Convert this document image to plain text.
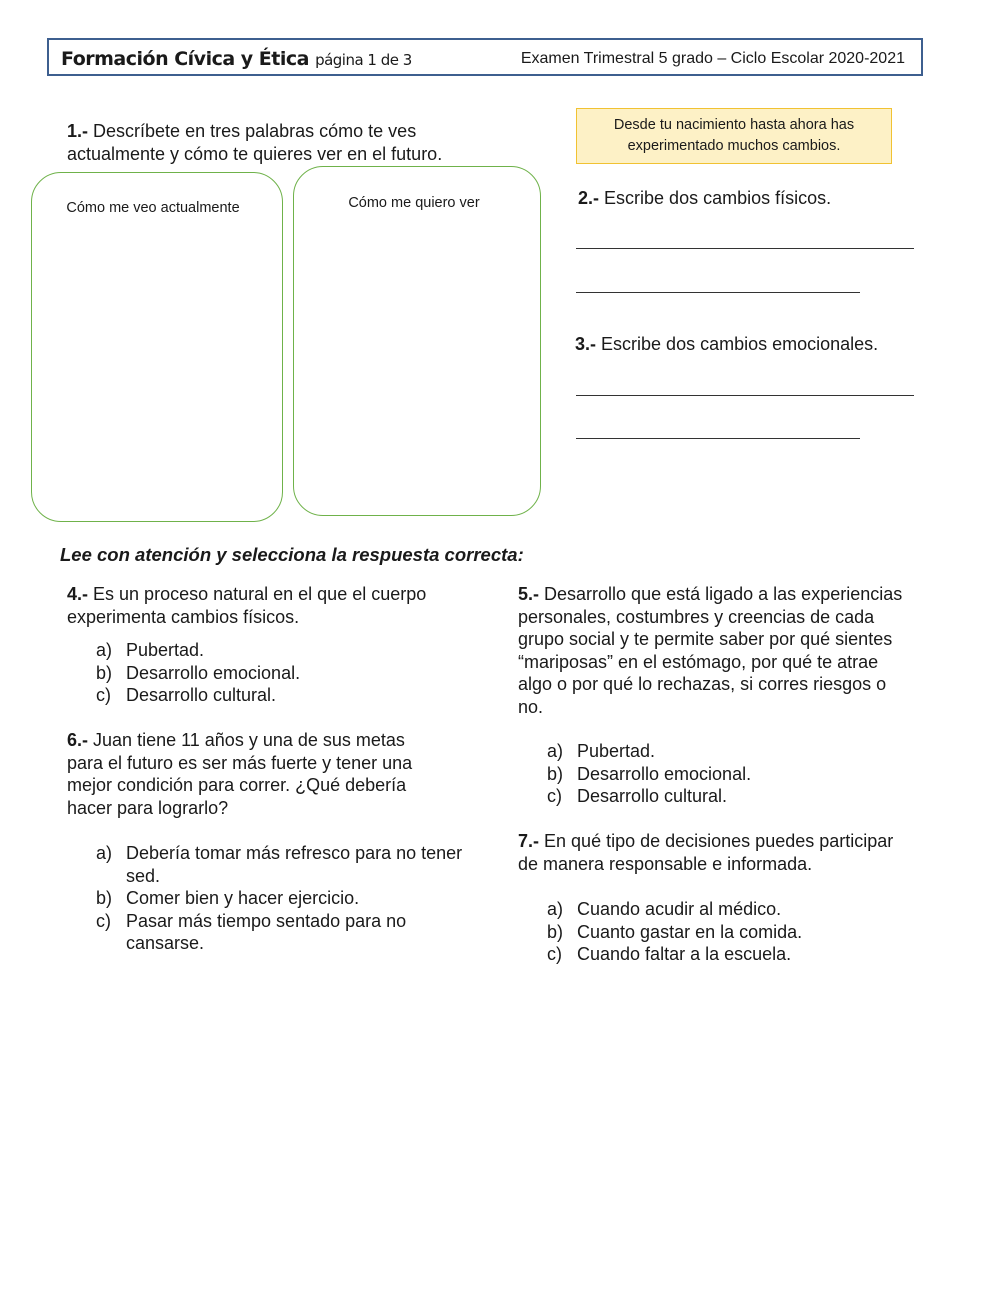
Formación Cívica y Ética página 1 de 3	Examen Trimestral 5 grado – Ciclo Escolar 2020-2021
1.- Descríbete en tres palabras cómo te ves
actualmente y cómo te quieres ver en el futuro.
Cómo me veo actualmente	Cómo me quiero ver
Desde tu nacimiento hasta ahora has
experimentado muchos cambios.
2.- Escribe dos cambios físicos.
3.- Escribe dos cambios emocionales.
Lee con atención y selecciona la respuesta correcta:
4.- Es un proceso natural en el que el cuerpo
experimenta cambios físicos.
a) Pubertad.
b) Desarrollo emocional.
c) Desarrollo cultural.
6.- Juan tiene 11 años y una de sus metas
para el futuro es ser más fuerte y tener una
mejor condición para correr. ¿Qué debería
hacer para lograrlo?
a) Debería tomar más refresco para no tener sed.
b) Comer bien y hacer ejercicio.
c) Pasar más tiempo sentado para no cansarse.
5.- Desarrollo que está ligado a las experiencias
personales, costumbres y creencias de cada
grupo social y te permite saber por qué sientes
“mariposas” en el estómago, por qué te atrae
algo o por qué lo rechazas, si corres riesgos o
no.
a) Pubertad.
b) Desarrollo emocional.
c) Desarrollo cultural.
7.- En qué tipo de decisiones puedes participar
de manera responsable e informada.
a) Cuando acudir al médico.
b) Cuanto gastar en la comida.
c) Cuando faltar a la escuela.
